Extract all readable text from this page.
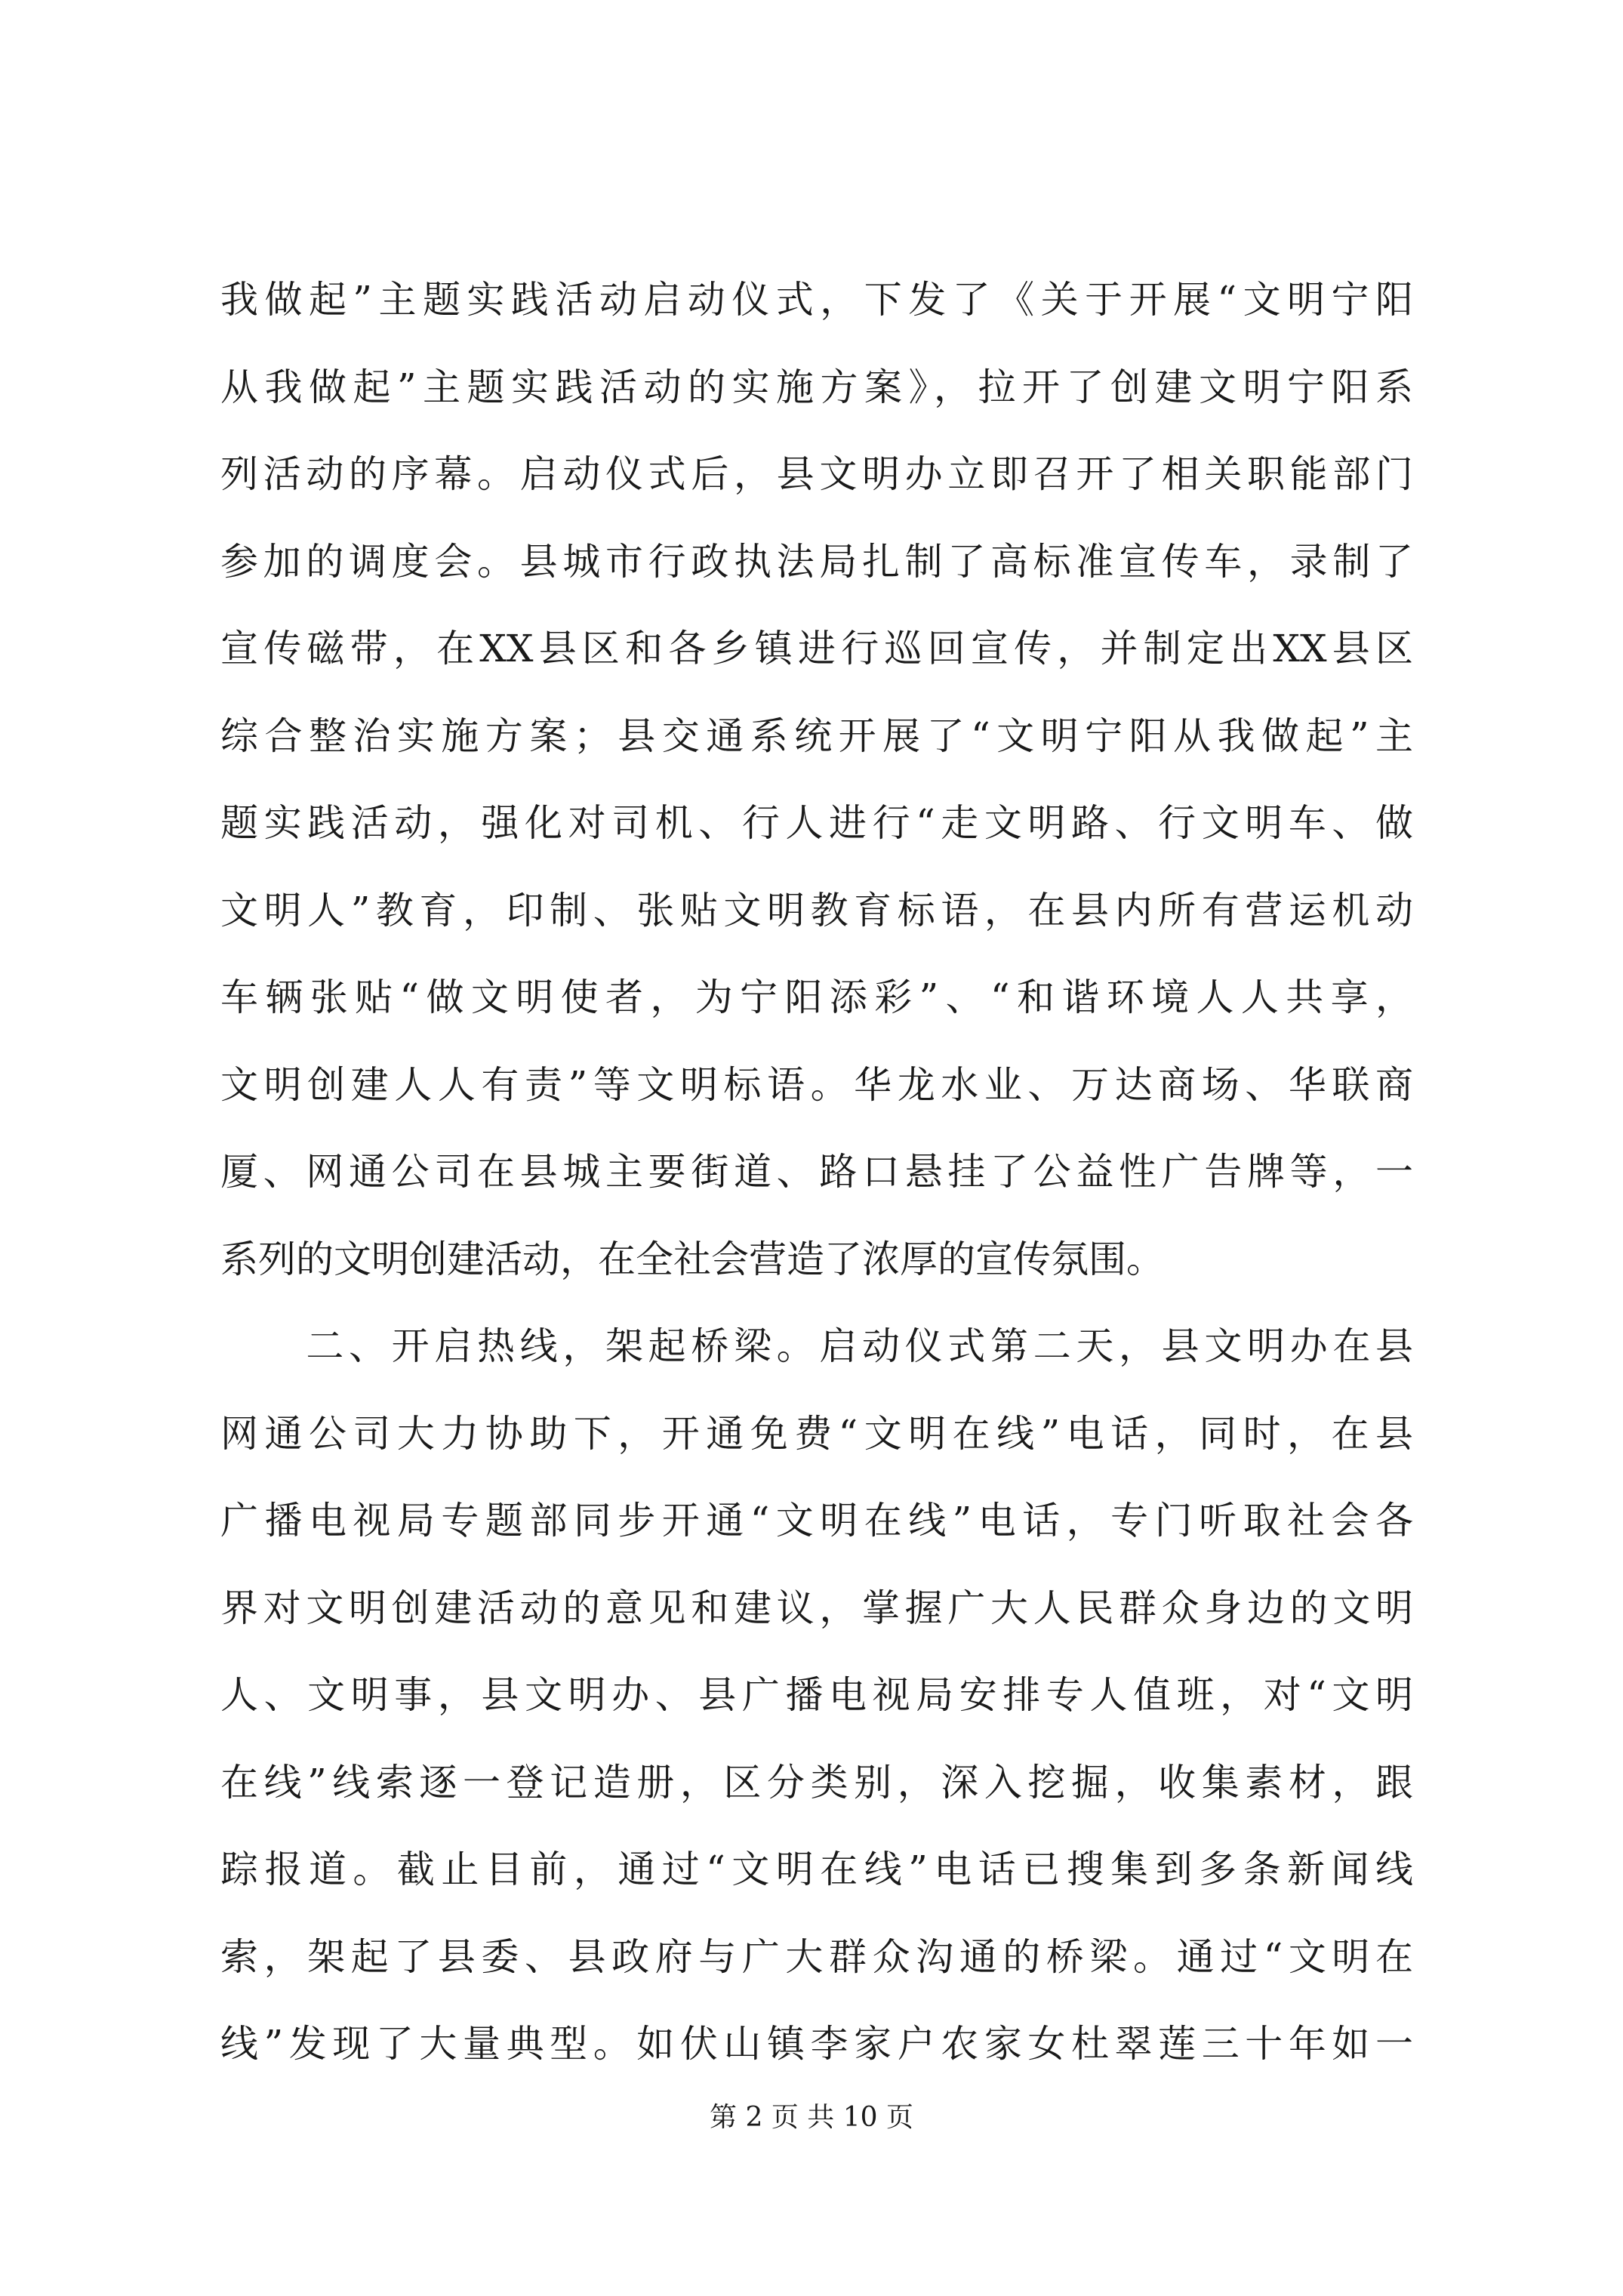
我做起”主题实践活动启动仪式，下发了《关于开展“文明宁阳
从我做起”主题实践活动的实施方案》，拉开了创建文明宁阳系
列活动的序幕。启动仪式后，县文明办立即召开了相关职能部门
参加的调度会。县城市行政执法局扎制了高标准宣传车，录制了
宣传磁带，在XX县区和各乡镇进行巡回宣传，并制定出XX县区
综合整治实施方案；县交通系统开展了“文明宁阳从我做起”主
题实践活动，强化对司机、行人进行“走文明路、行文明车、做
文明人”教育，印制、张贴文明教育标语，在县内所有营运机动
车辆张贴“做文明使者，为宁阳添彩”、“和谐环境人人共享，
文明创建人人有责”等文明标语。华龙水业、万达商场、华联商
厦、网通公司在县城主要街道、路口悬挂了公益性广告牌等，一
系列的文明创建活动，在全社会营造了浓厚的宣传氛围。
　　二、开启热线，架起桥梁。启动仪式第二天，县文明办在县
网通公司大力协助下，开通免费“文明在线”电话，同时，在县
广播电视局专题部同步开通“文明在线”电话，专门听取社会各
界对文明创建活动的意见和建议，掌握广大人民群众身边的文明
人、文明事，县文明办、县广播电视局安排专人值班，对“文明
在线”线索逐一登记造册，区分类别，深入挖掘，收集素材，跟
踪报道。截止目前，通过“文明在线”电话已搜集到多条新闻线
索，架起了县委、县政府与广大群众沟通的桥梁。通过“文明在
线”发现了大量典型。如伏山镇李家户农家女杜翠莲三十年如一
第 2 页 共 10 页
